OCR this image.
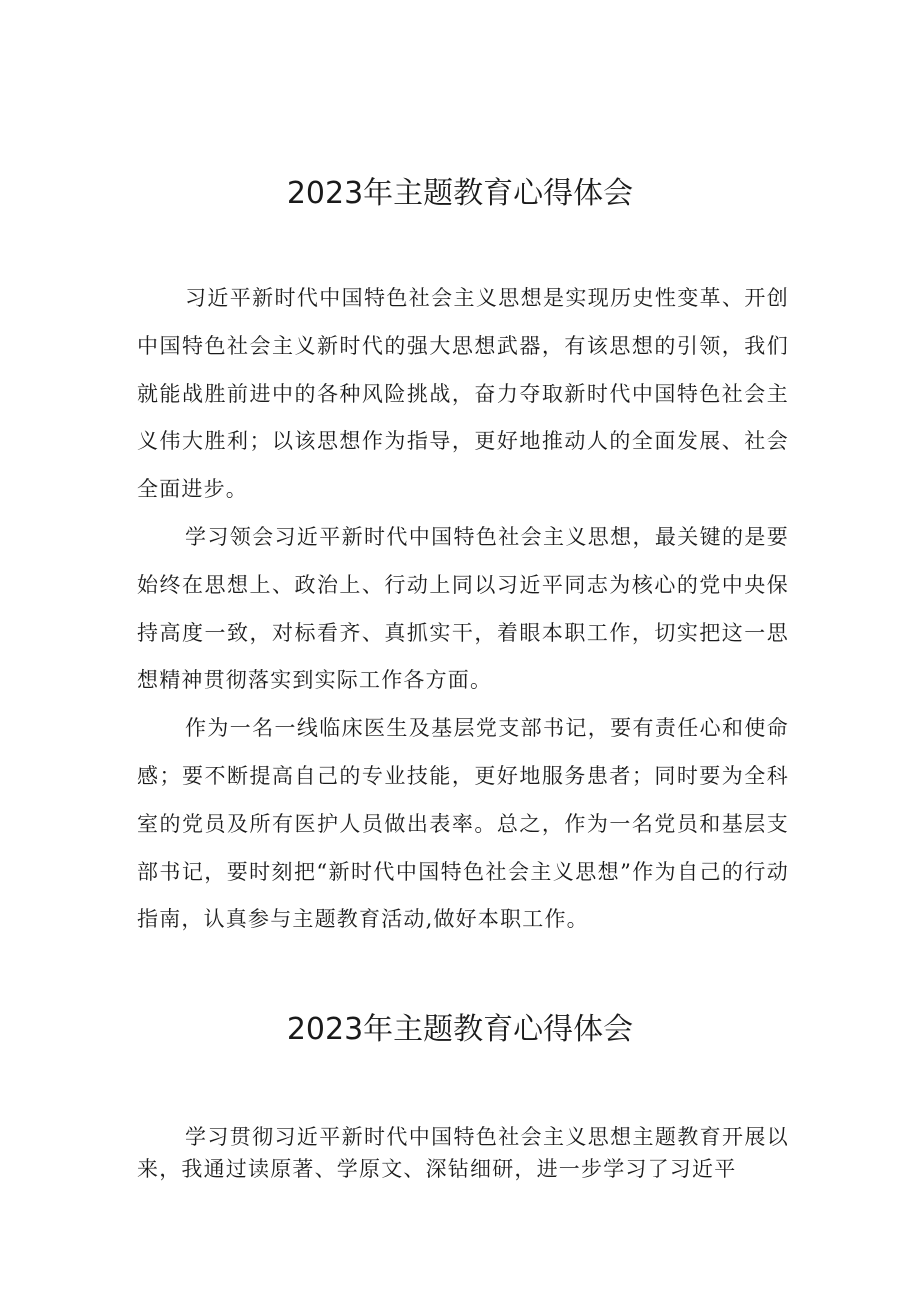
2023年主题教育心得体会

习近平新时代中国特色社会主义思想是实现历史性变革、开创中国特色社会主义新时代的强大思想武器，有该思想的引领，我们就能战胜前进中的各种风险挑战，奋力夺取新时代中国特色社会主义伟大胜利；以该思想作为指导，更好地推动人的全面发展、社会全面进步。

学习领会习近平新时代中国特色社会主义思想，最关键的是要始终在思想上、政治上、行动上同以习近平同志为核心的党中央保持高度一致，对标看齐、真抓实干，着眼本职工作，切实把这一思想精神贯彻落实到实际工作各方面。

作为一名一线临床医生及基层党支部书记，要有责任心和使命感；要不断提高自己的专业技能，更好地服务患者；同时要为全科室的党员及所有医护人员做出表率。总之，作为一名党员和基层支部书记，要时刻把“新时代中国特色社会主义思想”作为自己的行动指南，认真参与主题教育活动,做好本职工作。

2023年主题教育心得体会

学习贯彻习近平新时代中国特色社会主义思想主题教育开展以来，我通过读原著、学原文、深钻细研，进一步学习了习近平
